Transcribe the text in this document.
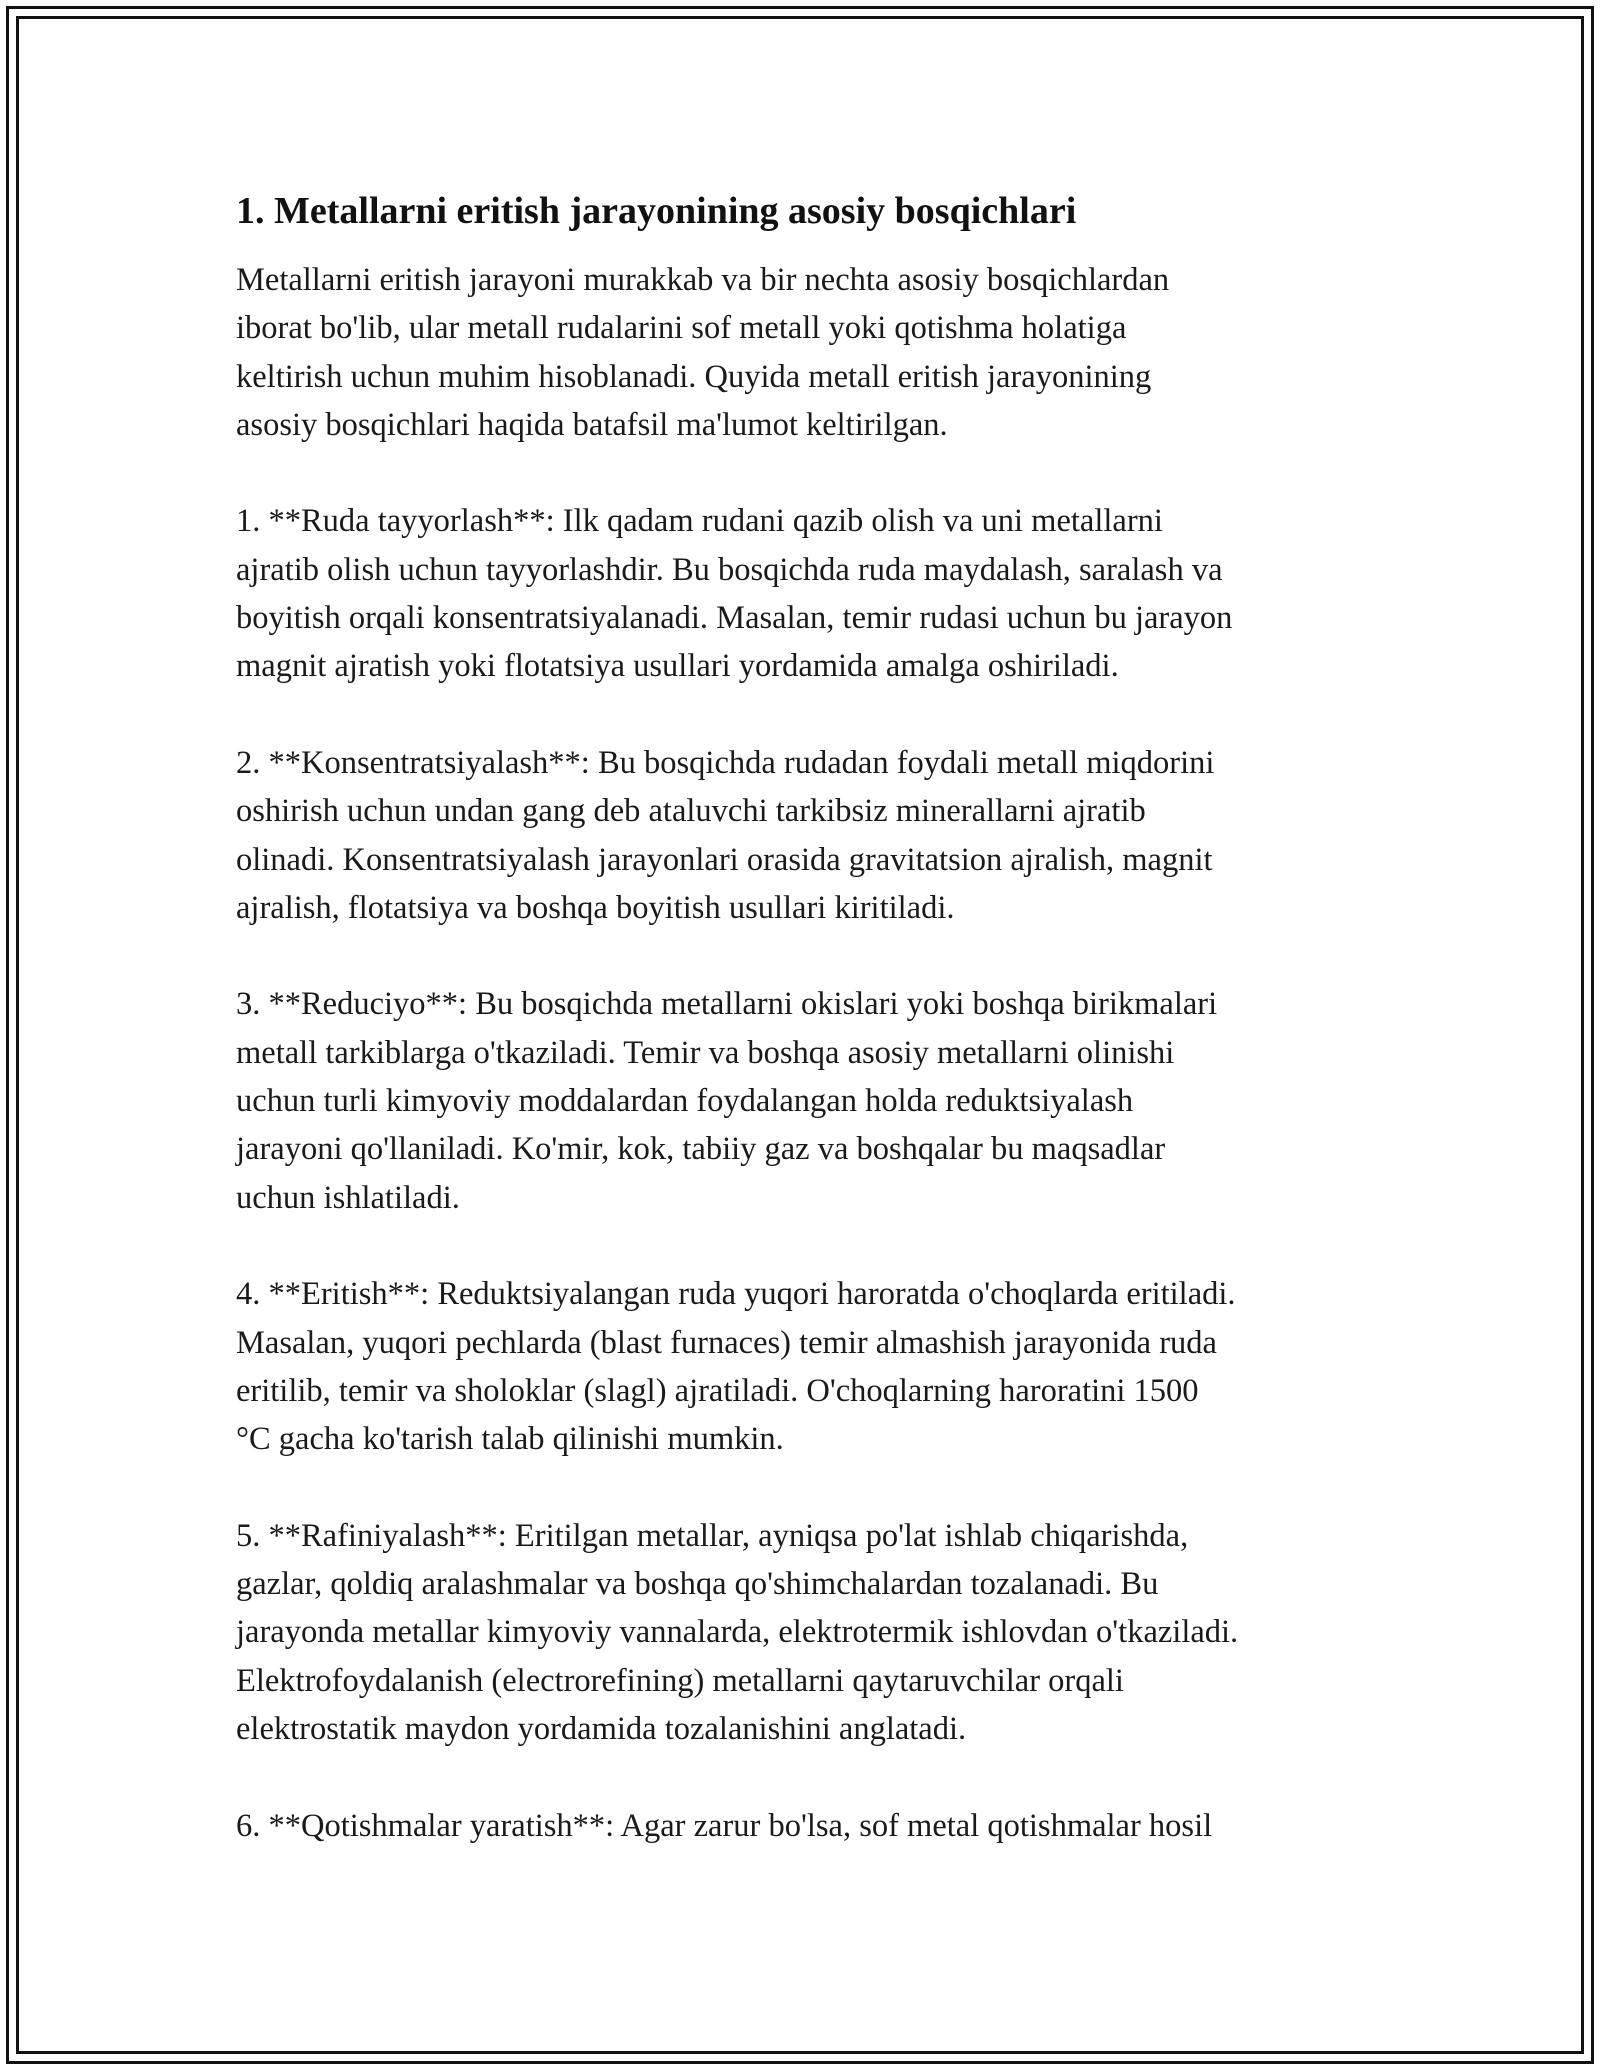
1. Metallarni eritish jarayonining asosiy bosqichlari

Metallarni eritish jarayoni murakkab va bir nechta asosiy bosqichlardan
iborat bo'lib, ular metall rudalarini sof metall yoki qotishma holatiga
keltirish uchun muhim hisoblanadi. Quyida metall eritish jarayonining
asosiy bosqichlari haqida batafsil ma'lumot keltirilgan.

1. **Ruda tayyorlash**: Ilk qadam rudani qazib olish va uni metallarni
ajratib olish uchun tayyorlashdir. Bu bosqichda ruda maydalash, saralash va
boyitish orqali konsentratsiyalanadi. Masalan, temir rudasi uchun bu jarayon
magnit ajratish yoki flotatsiya usullari yordamida amalga oshiriladi.

2. **Konsentratsiyalash**: Bu bosqichda rudadan foydali metall miqdorini
oshirish uchun undan gang deb ataluvchi tarkibsiz minerallarni ajratib
olinadi. Konsentratsiyalash jarayonlari orasida gravitatsion ajralish, magnit
ajralish, flotatsiya va boshqa boyitish usullari kiritiladi.

3. **Reduciyo**: Bu bosqichda metallarni okislari yoki boshqa birikmalari
metall tarkiblarga o'tkaziladi. Temir va boshqa asosiy metallarni olinishi
uchun turli kimyoviy moddalardan foydalangan holda reduktsiyalash
jarayoni qo'llaniladi. Ko'mir, kok, tabiiy gaz va boshqalar bu maqsadlar
uchun ishlatiladi.

4. **Eritish**: Reduktsiyalangan ruda yuqori haroratda o'choqlarda eritiladi.
Masalan, yuqori pechlarda (blast furnaces) temir almashish jarayonida ruda
eritilib, temir va sholoklar (slagl) ajratiladi. O'choqlarning haroratini 1500
°C gacha ko'tarish talab qilinishi mumkin.

5. **Rafiniyalash**: Eritilgan metallar, ayniqsa po'lat ishlab chiqarishda,
gazlar, qoldiq aralashmalar va boshqa qo'shimchalardan tozalanadi. Bu
jarayonda metallar kimyoviy vannalarda, elektrotermik ishlovdan o'tkaziladi.
Elektrofoydalanish (electrorefining) metallarni qaytaruvchilar orqali
elektrostatik maydon yordamida tozalanishini anglatadi.

6. **Qotishmalar yaratish**: Agar zarur bo'lsa, sof metal qotishmalar hosil
